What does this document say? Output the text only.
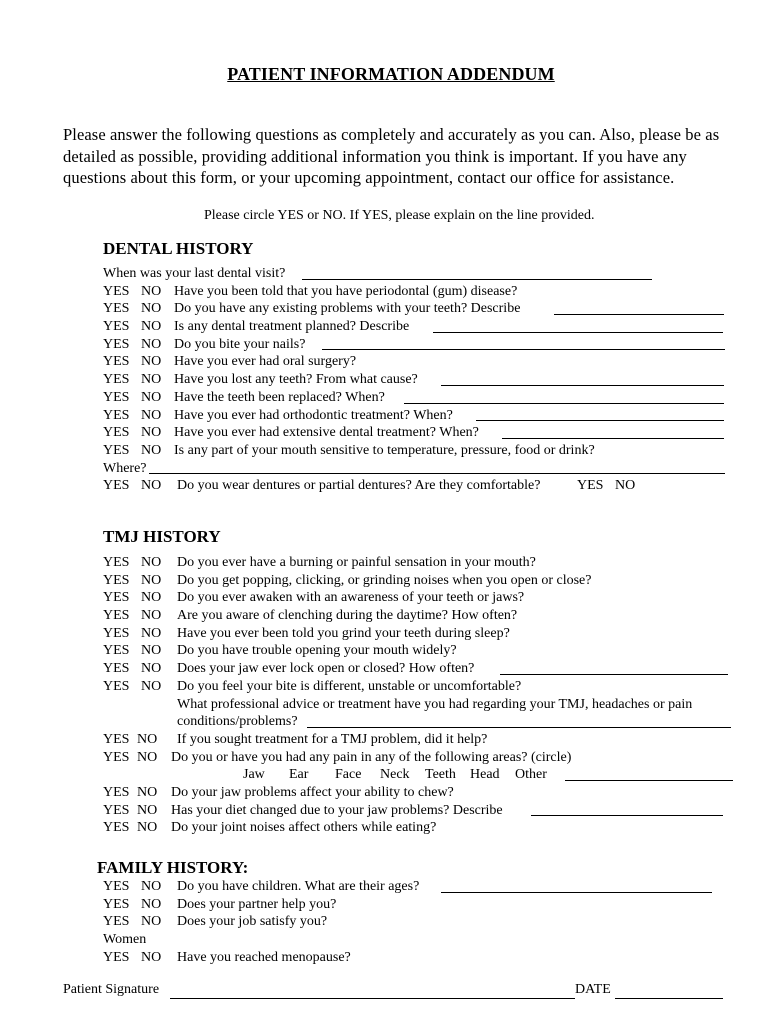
PATIENT INFORMATION ADDENDUM
Please answer the following questions as completely and accurately as you can. Also, please be as
detailed as possible, providing additional information you think is important. If you have any
questions about this form, or your upcoming appointment, contact our office for assistance.
Please circle YES or NO. If YES, please explain on the line provided.
DENTAL HISTORY
When was your last dental visit?
YES NO Have you been told that you have periodontal (gum) disease?
YES NO Do you have any existing problems with your teeth? Describe
YES NO Is any dental treatment planned? Describe
YES NO Do you bite your nails?
YES NO Have you ever had oral surgery?
YES NO Have you lost any teeth? From what cause?
YES NO Have the teeth been replaced? When?
YES NO Have you ever had orthodontic treatment? When?
YES NO Have you ever had extensive dental treatment? When?
YES NO Is any part of your mouth sensitive to temperature, pressure, food or drink?
Where?
YES NO Do you wear dentures or partial dentures? Are they comfortable?	YES NO
TMJ HISTORY
YES NO Do you ever have a burning or painful sensation in your mouth?
YES NO Do you get popping, clicking, or grinding noises when you open or close?
YES NO Do you ever awaken with an awareness of your teeth or jaws?
YES NO Are you aware of clenching during the daytime? How often?
YES NO Have you ever been told you grind your teeth during sleep?
YES NO Do you have trouble opening your mouth widely?
YES NO Does your jaw ever lock open or closed? How often?
YES NO Do you feel your bite is different, unstable or uncomfortable?
What professional advice or treatment have you had regarding your TMJ, headaches or pain
conditions/problems?
YES NO If you sought treatment for a TMJ problem, did it help?
YES NO Do you or have you had any pain in any of the following areas? (circle)
Jaw Ear Face Neck Teeth Head Other
YES NO Do your jaw problems affect your ability to chew?
YES NO Has your diet changed due to your jaw problems? Describe
YES NO Do your joint noises affect others while eating?
FAMILY HISTORY:
YES NO Do you have children. What are their ages?
YES NO Does your partner help you?
YES NO Does your job satisfy you?
Women
YES NO Have you reached menopause?
Patient Signature	DATE
